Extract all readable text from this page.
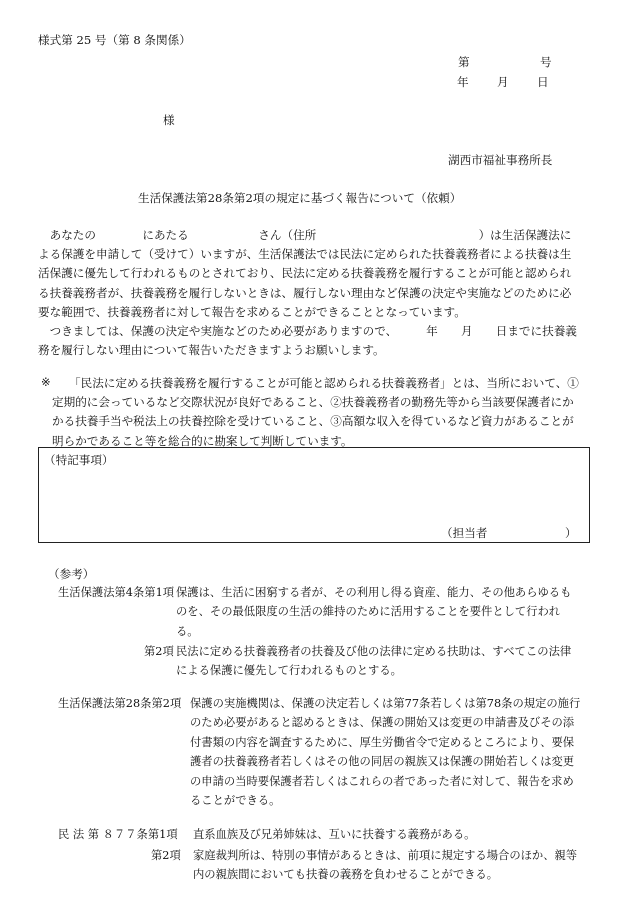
様式第 25 号（第 8 条関係）
第	号
年 月 日
様
湖西市福祉事務所長
生活保護法第28条第2項の規定に基づく報告について（依頼）

あなたの　　　　にあたる　　　　　　さん（住所　　　　　　　　　　　　　　）は生活保護法による保護を申請して（受けて）いますが、生活保護法では民法に定められた扶養義務者による扶養は生活保護に優先して行われるものとされており、民法に定める扶養義務を履行することが可能と認められる扶養義務者が、扶養義務を履行しないときは、履行しない理由など保護の決定や実施などのために必要な範囲で、扶養義務者に対して報告を求めることができることとなっています。

つきましては、保護の決定や実施などのため必要がありますので、　　　年　　月　　日までに扶養義務を履行しない理由について報告いただきますようお願いします。

※	「民法に定める扶養義務を履行することが可能と認められる扶養義務者」とは、当所において、①定期的に会っているなど交際状況が良好であること、②扶養義務者の勤務先等から当該要保護者にかかる扶養手当や税法上の扶養控除を受けていること、③高額な収入を得ているなど資力があることが明らかであること等を総合的に勘案して判断しています。
（特記事項）
（担当者	）
（参考）
生活保護法第4条第1項 保護は、生活に困窮する者が、その利用し得る資産、能力、その他あらゆるものを、その最低限度の生活の維持のために活用することを要件として行われる。
第2項 民法に定める扶養義務者の扶養及び他の法律に定める扶助は、すべてこの法律による保護に優先して行われるものとする。
生活保護法第28条第2項 保護の実施機関は、保護の決定若しくは第77条若しくは第78条の規定の施行のため必要があると認めるときは、保護の開始又は変更の申請書及びその添付書類の内容を調査するために、厚生労働省令で定めるところにより、要保護者の扶養義務者若しくはその他の同居の親族又は保護の開始若しくは変更の申請の当時要保護者若しくはこれらの者であった者に対して、報告を求めることができる。
民 法 第 ８７７条第1項 直系血族及び兄弟姉妹は、互いに扶養する義務がある。
第2項 家庭裁判所は、特別の事情があるときは、前項に規定する場合のほか、親等内の親族間においても扶養の義務を負わせることができる。
